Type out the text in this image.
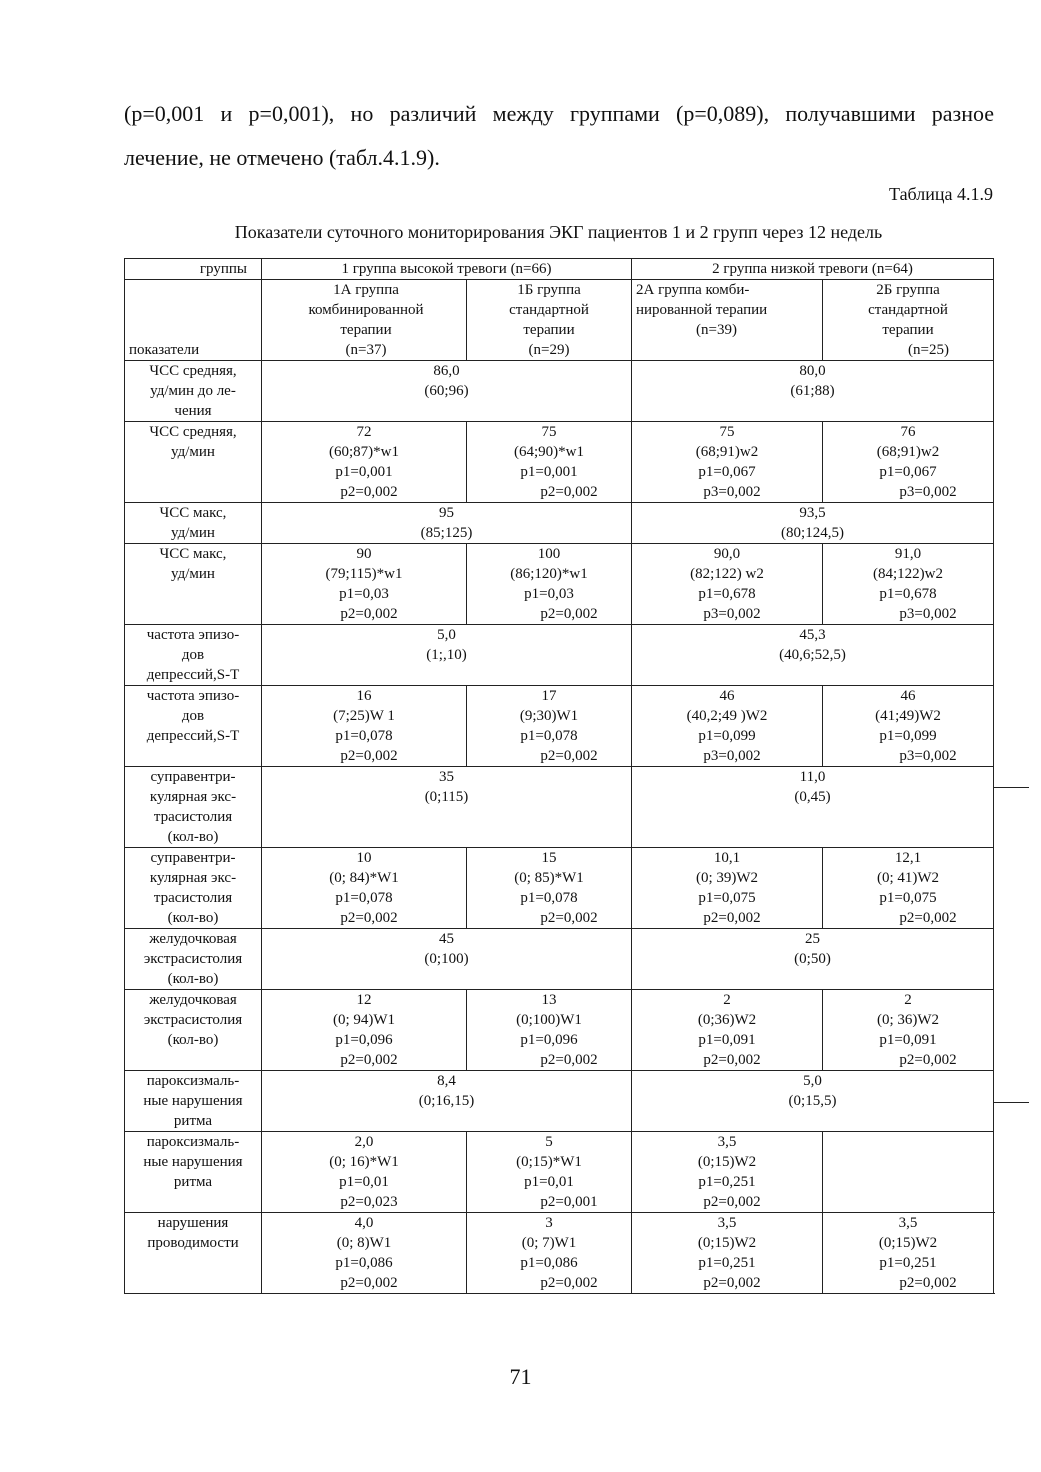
(р=0,001 и р=0,001), но различий между группами (р=0,089), получавшими разное
лечение, не отмечено (табл.4.1.9).

Таблица 4.1.9
Показатели суточного мониторирования ЭКГ пациентов 1 и 2 групп через 12 недель
группы	1 группа высокой тревоги (n=66)		2 группа низкой тревоги (n=64)	
показатели	1А группа
комбинированной
терапии
(n=37)	1Б группа
стандартной
терапии
(n=29)	2А группа комби-
нированной терапии
(n=39)	2Б группа
стандартной
терапии
(n=25)

ЧСС средняя,
уд/мин до ле-
чения	86,0
(60;96)		80,0
(61;88)	

ЧСС средняя,
уд/мин	72
(60;87)*w1
p1=0,001
p2=0,002	75
(64;90)*w1
p1=0,001
p2=0,002	75
(68;91)w2
p1=0,067
p3=0,002	76
(68;91)w2
p1=0,067
p3=0,002

ЧСС макс,
уд/мин	95
(85;125)		93,5
(80;124,5)	

ЧСС макс,
уд/мин	90
(79;115)*w1
p1=0,03
p2=0,002	100
(86;120)*w1
p1=0,03
p2=0,002	90,0
(82;122) w2
p1=0,678
p3=0,002	91,0
(84;122)w2
p1=0,678
p3=0,002

частота эпизо-
дов
депрессий,S-T	5,0
(1;,10)		45,3
(40,6;52,5)	

частота эпизо-
дов
депрессий,S-T	16
(7;25)W 1
p1=0,078
p2=0,002	17
(9;30)W1
p1=0,078
p2=0,002	46
(40,2;49 )W2
p1=0,099
p3=0,002	46
(41;49)W2
p1=0,099
p3=0,002

суправентри-
кулярная экс-
трасистолия
(кол-во)	35
(0;115)		11,0
(0,45)	

суправентри-
кулярная экс-
трасистолия
(кол-во)	10
(0; 84)*W1
p1=0,078
p2=0,002	15
(0; 85)*W1
p1=0,078
p2=0,002	10,1
(0; 39)W2
p1=0,075
p2=0,002	12,1
(0; 41)W2
p1=0,075
p2=0,002

желудочковая
экстрасистолия
(кол-во)	45
(0;100)		25
(0;50)	

желудочковая
экстрасистолия
(кол-во)	12
(0; 94)W1
p1=0,096
p2=0,002	13
(0;100)W1
p1=0,096
p2=0,002	2
(0;36)W2
p1=0,091
p2=0,002	2
(0; 36)W2
p1=0,091
p2=0,002

пароксизмаль-
ные нарушения
ритма	8,4
(0;16,15)		5,0
(0;15,5)	

пароксизмаль-
ные нарушения
ритма	2,0
(0; 16)*W1
p1=0,01
p2=0,023	5
(0;15)*W1
p1=0,01
p2=0,001	3,5
(0;15)W2
p1=0,251
p2=0,002	

нарушения
проводимости	4,0
(0; 8)W1
p1=0,086
p2=0,002	3
(0; 7)W1
p1=0,086
p2=0,002	3,5
(0;15)W2
p1=0,251
p2=0,002	3,5
(0;15)W2
p1=0,251
p2=0,002
71
